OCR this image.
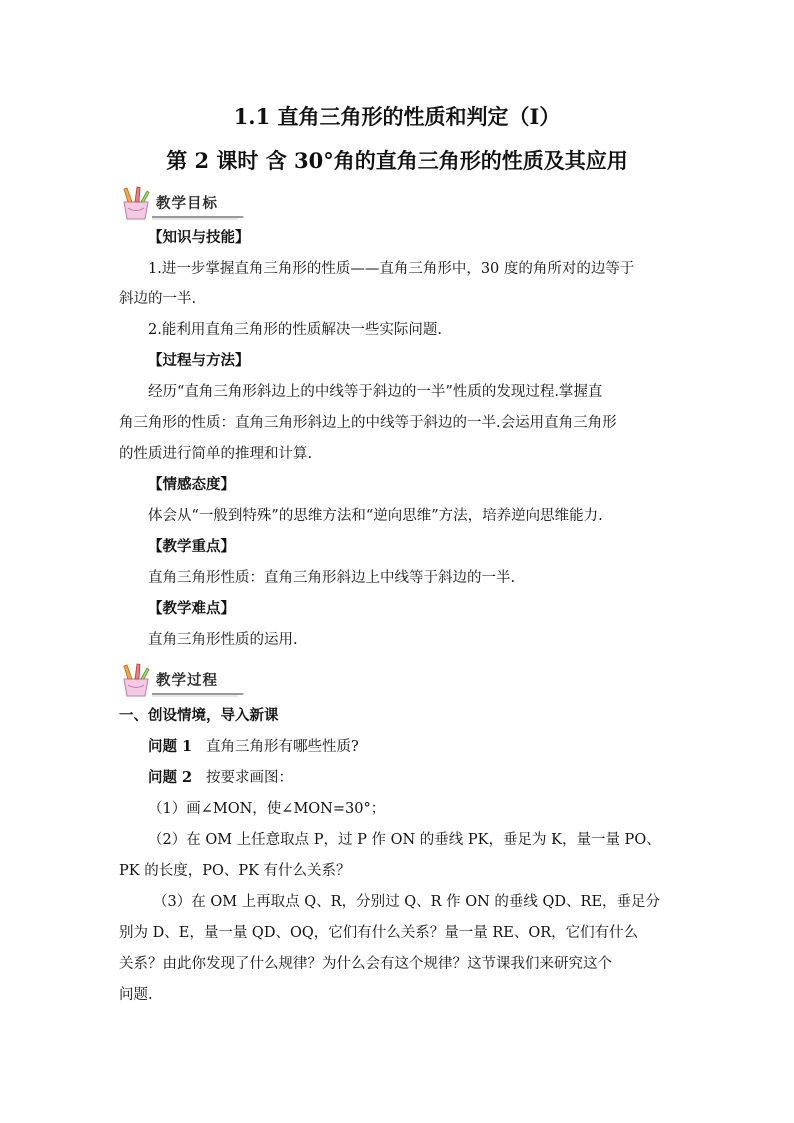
1.1 直角三角形的性质和判定（Ⅰ）
第 2 课时 含 30°角的直角三角形的性质及其应用
教学目标
【知识与技能】
1.进一步掌握直角三角形的性质——直角三角形中，30 度的角所对的边等于
斜边的一半.
2.能利用直角三角形的性质解决一些实际问题.
【过程与方法】
经历“直角三角形斜边上的中线等于斜边的一半”性质的发现过程.掌握直
角三角形的性质：直角三角形斜边上的中线等于斜边的一半.会运用直角三角形
的性质进行简单的推理和计算.
【情感态度】
体会从“一般到特殊”的思维方法和“逆向思维”方法，培养逆向思维能力.
【教学重点】
直角三角形性质：直角三角形斜边上中线等于斜边的一半.
【教学难点】
直角三角形性质的运用.
教学过程
一、创设情境，导入新课
问题 1   直角三角形有哪些性质?
问题 2   按要求画图：
（1）画∠MON，使∠MON=30°；
（2）在 OM 上任意取点 P，过 P 作 ON 的垂线 PK，垂足为 K，量一量 PO、
PK 的长度，PO、PK 有什么关系？
（3）在 OM 上再取点 Q、R，分别过 Q、R 作 ON 的垂线 QD、RE，垂足分
别为 D、E，量一量 QD、OQ，它们有什么关系？量一量 RE、OR，它们有什么
关系？由此你发现了什么规律？为什么会有这个规律？这节课我们来研究这个
问题.
